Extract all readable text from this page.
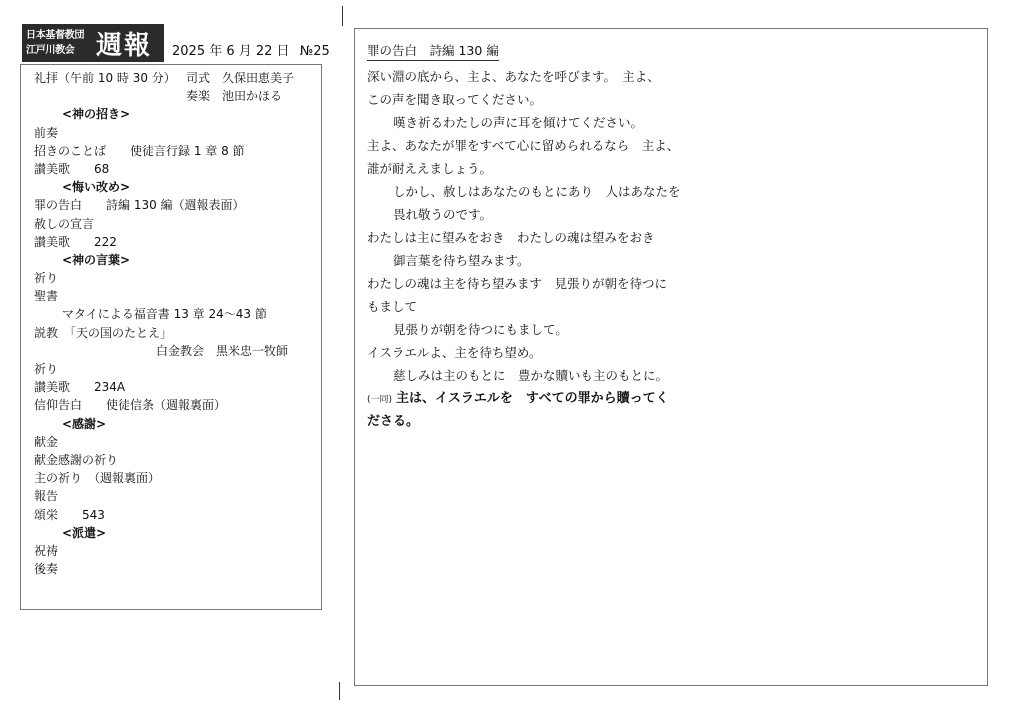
日本基督教団
江戸川教会 週報 2025 年 6 月 22 日 №25
礼拝（午前 10 時 30 分） 司式　久保田恵美子
奏楽　池田かほる
<神の招き>
前奏
招きのことば　　使徒言行録 1 章 8 節
讃美歌　　68
<悔い改め>
罪の告白　　詩編 130 編（週報表面）
赦しの宣言
讃美歌　　222
<神の言葉>
祈り
聖書
マタイによる福音書 13 章 24～43 節
説教　「天の国のたとえ」
白金教会　黒米忠一牧師
祈り
讃美歌　　234A
信仰告白　　使徒信条（週報裏面）
<感謝>
献金
献金感謝の祈り
主の祈り　（週報裏面）
報告
頌栄　　543
<派遣>
祝祷
後奏
罪の告白　詩編 130 編
深い淵の底から、主よ、あなたを呼びます。　主よ、
この声を聞き取ってください。
嘆き祈るわたしの声に耳を傾けてください。
主よ、あなたが罪をすべて心に留められるなら　主よ、
誰が耐ええましょう。
しかし、赦しはあなたのもとにあり　人はあなたを
畏れ敬うのです。
わたしは主に望みをおき　わたしの魂は望みをおき
御言葉を待ち望みます。
わたしの魂は主を待ち望みます　見張りが朝を待つに
もまして
見張りが朝を待つにもまして。
イスラエルよ、主を待ち望め。
慈しみは主のもとに　豊かな贖いも主のもとに。
(一同) 主は、イスラエルを　すべての罪から贖ってく
ださる。
